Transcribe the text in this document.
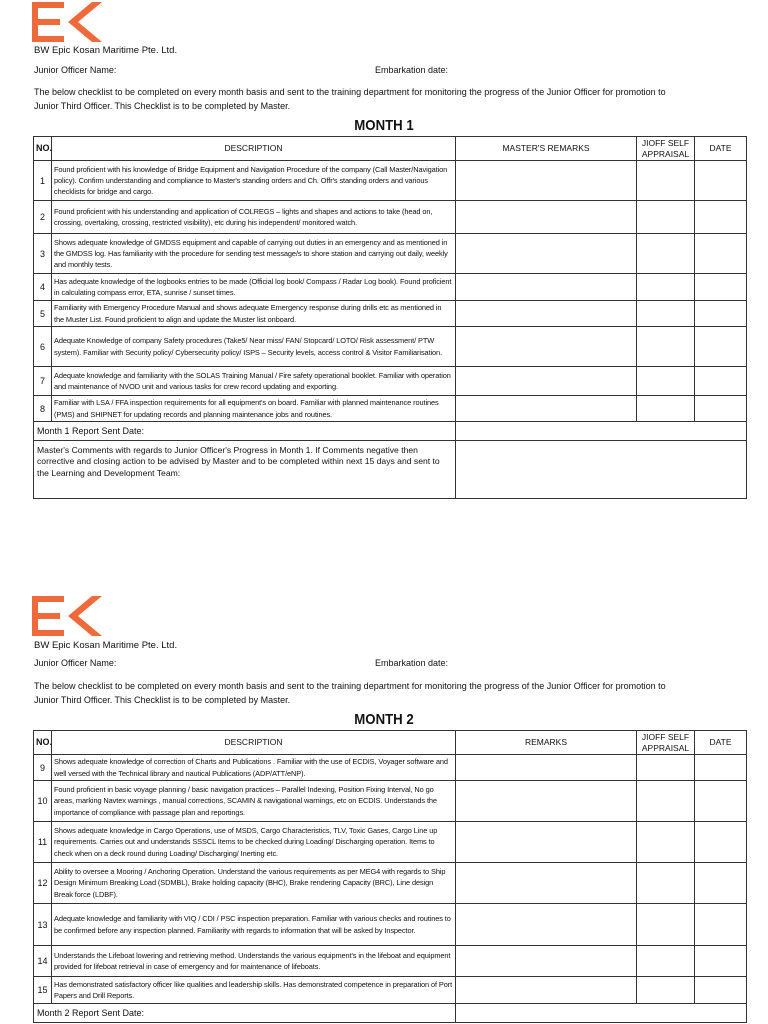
BW Epic Kosan Maritime Pte. Ltd.
Junior Officer Name:	Embarkation date:
The below checklist to be completed on every month basis and sent to the training department for monitoring the progress of the Junior Officer for promotion to Junior Third Officer. This Checklist is to be completed by Master.
MONTH 1
NO.	DESCRIPTION	MASTER'S REMARKS	JIOFF SELF APPRAISAL	DATE
1	Found proficient with his knowledge of Bridge Equipment and Navigation Procedure of the company (Call Master/Navigation policy). Confirm understanding and compliance to Master's standing orders and Ch. Offr's standing orders and various checklists for bridge and cargo.			
2	Found proficient with his understanding and application of COLREGS – lights and shapes and actions to take (head on, crossing, overtaking, crossing, restricted visibility), etc during his independent/ monitored watch.			
3	Shows adequate knowledge of GMDSS equipment and capable of carrying out duties in an emergency and as mentioned in the GMDSS log. Has familiarity with the procedure for sending test message/s to shore station and carrying out daily, weekly and monthly tests.			
4	Has adequate knowledge of the logbooks entries to be made (Official log book/ Compass / Radar Log book). Found proficient in calculating compass error, ETA, sunrise / sunset times.			
5	Familiarity with Emergency Procedure Manual and shows adequate Emergency response during drills etc as mentioned in the Muster List. Found proficient to align and update the Muster list onboard.			
6	Adequate Knowledge of company Safety procedures (Take5/ Near miss/ FAN/ Stopcard/ LOTO/ Risk assessment/ PTW system). Familiar with Security policy/ Cybersecurity policy/ ISPS – Security levels, access control & Visitor Familiarisation.			
7	Adequate knowledge and familiarity with the SOLAS Training Manual / Fire safety operational booklet. Familiar with operation and maintenance of NVOD unit and various tasks for crew record updating and exporting.			
8	Familiar with LSA / FFA inspection requirements for all equipment's on board. Familiar with planned maintenance routines (PMS) and SHIPNET for updating records and planning maintenance jobs and routines.			
Month 1 Report Sent Date:				
Master's Comments with regards to Junior Officer's Progress in Month 1. If Comments negative then corrective and closing action to be advised by Master and to be completed within next 15 days and sent to the Learning and Development Team:				
BW Epic Kosan Maritime Pte. Ltd.
Junior Officer Name:	Embarkation date:
The below checklist to be completed on every month basis and sent to the training department for monitoring the progress of the Junior Officer for promotion to Junior Third Officer. This Checklist is to be completed by Master.
MONTH 2
NO.	DESCRIPTION	REMARKS	JIOFF SELF APPRAISAL	DATE
9	Shows adequate knowledge of correction of Charts and Publications . Familiar with the use of ECDIS, Voyager software and well versed with the Technical library and nautical Publications (ADP/ATT/eNP).			
10	Found proficient in basic voyage planning / basic navigation practices – Parallel Indexing, Position Fixing Interval, No go areas, marking Navtex warnings , manual corrections, SCAMIN & navigational warnings, etc on ECDIS. Understands the importance of compliance with passage plan and reportings.			
11	Shows adequate knowledge in Cargo Operations, use of MSDS, Cargo Characteristics, TLV, Toxic Gases, Cargo Line up requirements. Carries out and understands SSSCL Items to be checked during Loading/ Discharging operation. Items to check when on a deck round during Loading/ Discharging/ Inerting etc.			
12	Ability to oversee a Mooring / Anchoring Operation. Understand the various requirements as per MEG4 with regards to Ship Design Minimum Breaking Load (SDMBL), Brake holding capacity (BHC), Brake rendering Capacity (BRC), Line design Break force (LDBF).			
13	Adequate knowledge and familiarity with VIQ / CDI / PSC inspection preparation. Familiar with various checks and routines to be confirmed before any inspection planned. Familiarity with regards to information that will be asked by Inspector.			
14	Understands the Lifeboat lowering and retrieving method. Understands the various equipment's in the lifeboat and equipment provided for lifeboat retrieval in case of emergency and for maintenance of lifeboats.			
15	Has demonstrated satisfactory officer like qualities and leadership skills. Has demonstrated competence in preparation of Port Papers and Drill Reports.			
Month 2 Report Sent Date:				
